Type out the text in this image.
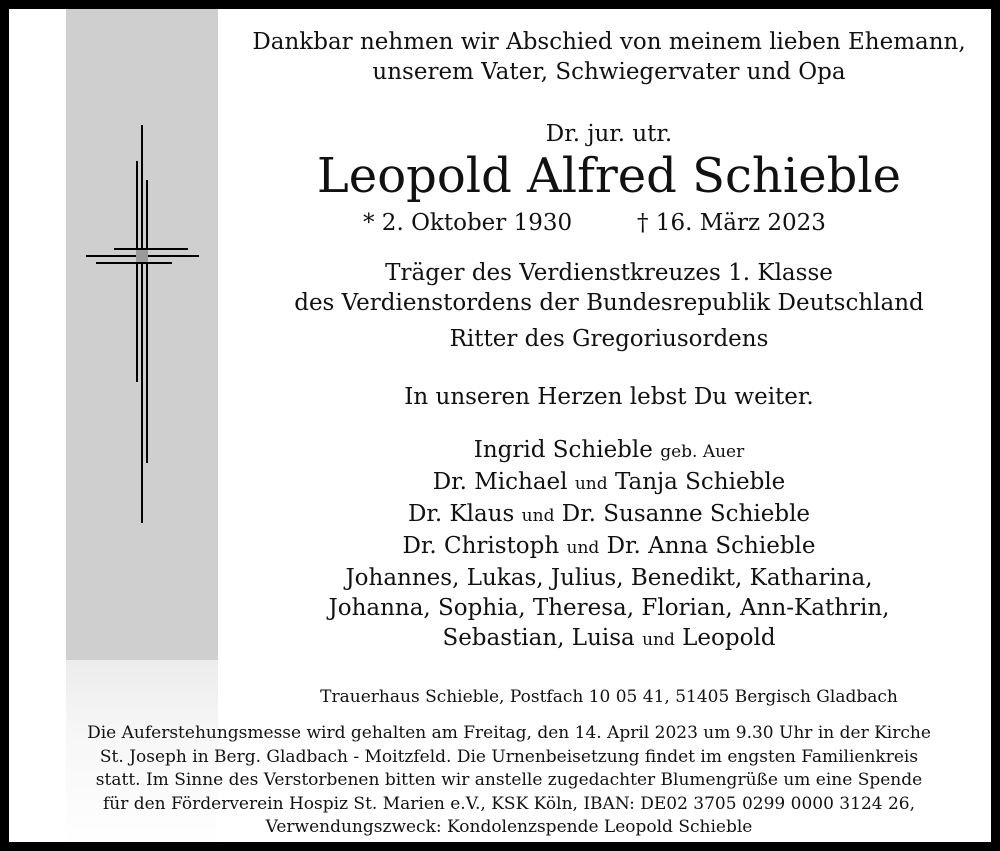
Dankbar nehmen wir Abschied von meinem lieben Ehemann,
unserem Vater, Schwiegervater und Opa
Dr. jur. utr.
Leopold Alfred Schieble
* 2. Oktober 1930	† 16. März 2023
Träger des Verdienstkreuzes 1. Klasse
des Verdienstordens der Bundesrepublik Deutschland
Ritter des Gregoriusordens
In unseren Herzen lebst Du weiter.
Ingrid Schieble geb. Auer
Dr. Michael und Tanja Schieble
Dr. Klaus und Dr. Susanne Schieble
Dr. Christoph und Dr. Anna Schieble
Johannes, Lukas, Julius, Benedikt, Katharina,
Johanna, Sophia, Theresa, Florian, Ann-Kathrin,
Sebastian, Luisa und Leopold
Trauerhaus Schieble, Postfach 10 05 41, 51405 Bergisch Gladbach
Die Auferstehungsmesse wird gehalten am Freitag, den 14. April 2023 um 9.30 Uhr in der Kirche
St. Joseph in Berg. Gladbach - Moitzfeld. Die Urnenbeisetzung findet im engsten Familienkreis
statt. Im Sinne des Verstorbenen bitten wir anstelle zugedachter Blumengrüße um eine Spende
für den Förderverein Hospiz St. Marien e.V., KSK Köln, IBAN: DE02 3705 0299 0000 3124 26,
Verwendungszweck: Kondolenzspende Leopold Schieble
